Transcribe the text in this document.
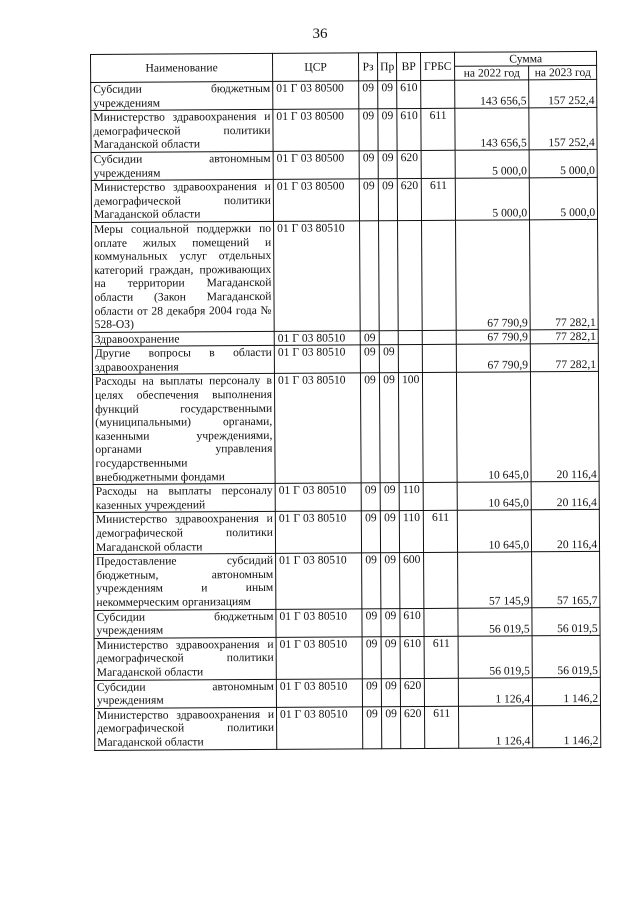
36
Наименование	ЦСР	Рз	Пр	ВР	ГРБС	Сумма	
						на 2022 год	на 2023 год

Субсидии бюджетным учреждениям	01 Г 03 80500	09	09	610		143 656,5	157 252,4

Министерство здравоохранения и демографической политики Магаданской области	01 Г 03 80500	09	09	610	611	143 656,5	157 252,4

Субсидии автономным учреждениям	01 Г 03 80500	09	09	620		5 000,0	5 000,0

Министерство здравоохранения и демографической политики Магаданской области	01 Г 03 80500	09	09	620	611	5 000,0	5 000,0

Меры социальной поддержки по оплате жилых помещений и коммунальных услуг отдельных категорий граждан, проживающих на территории Магаданской области (Закон Магаданской области от 28 декабря 2004 года № 528-ОЗ)	01 Г 03 80510					67 790,9	77 282,1

Здравоохранение	01 Г 03 80510	09				67 790,9	77 282,1

Другие вопросы в области здравоохранения	01 Г 03 80510	09	09			67 790,9	77 282,1

Расходы на выплаты персоналу в целях обеспечения выполнения функций государственными (муниципальными) органами, казенными учреждениями, органами управления государственными внебюджетными фондами	01 Г 03 80510	09	09	100		10 645,0	20 116,4

Расходы на выплаты персоналу казенных учреждений	01 Г 03 80510	09	09	110		10 645,0	20 116,4

Министерство здравоохранения и демографической политики Магаданской области	01 Г 03 80510	09	09	110	611	10 645,0	20 116,4

Предоставление субсидий бюджетным, автономным учреждениям и иным некоммерческим организациям	01 Г 03 80510	09	09	600		57 145,9	57 165,7

Субсидии бюджетным учреждениям	01 Г 03 80510	09	09	610		56 019,5	56 019,5

Министерство здравоохранения и демографической политики Магаданской области	01 Г 03 80510	09	09	610	611	56 019,5	56 019,5

Субсидии автономным учреждениям	01 Г 03 80510	09	09	620		1 126,4	1 146,2

Министерство здравоохранения и демографической политики Магаданской области	01 Г 03 80510	09	09	620	611	1 126,4	1 146,2
